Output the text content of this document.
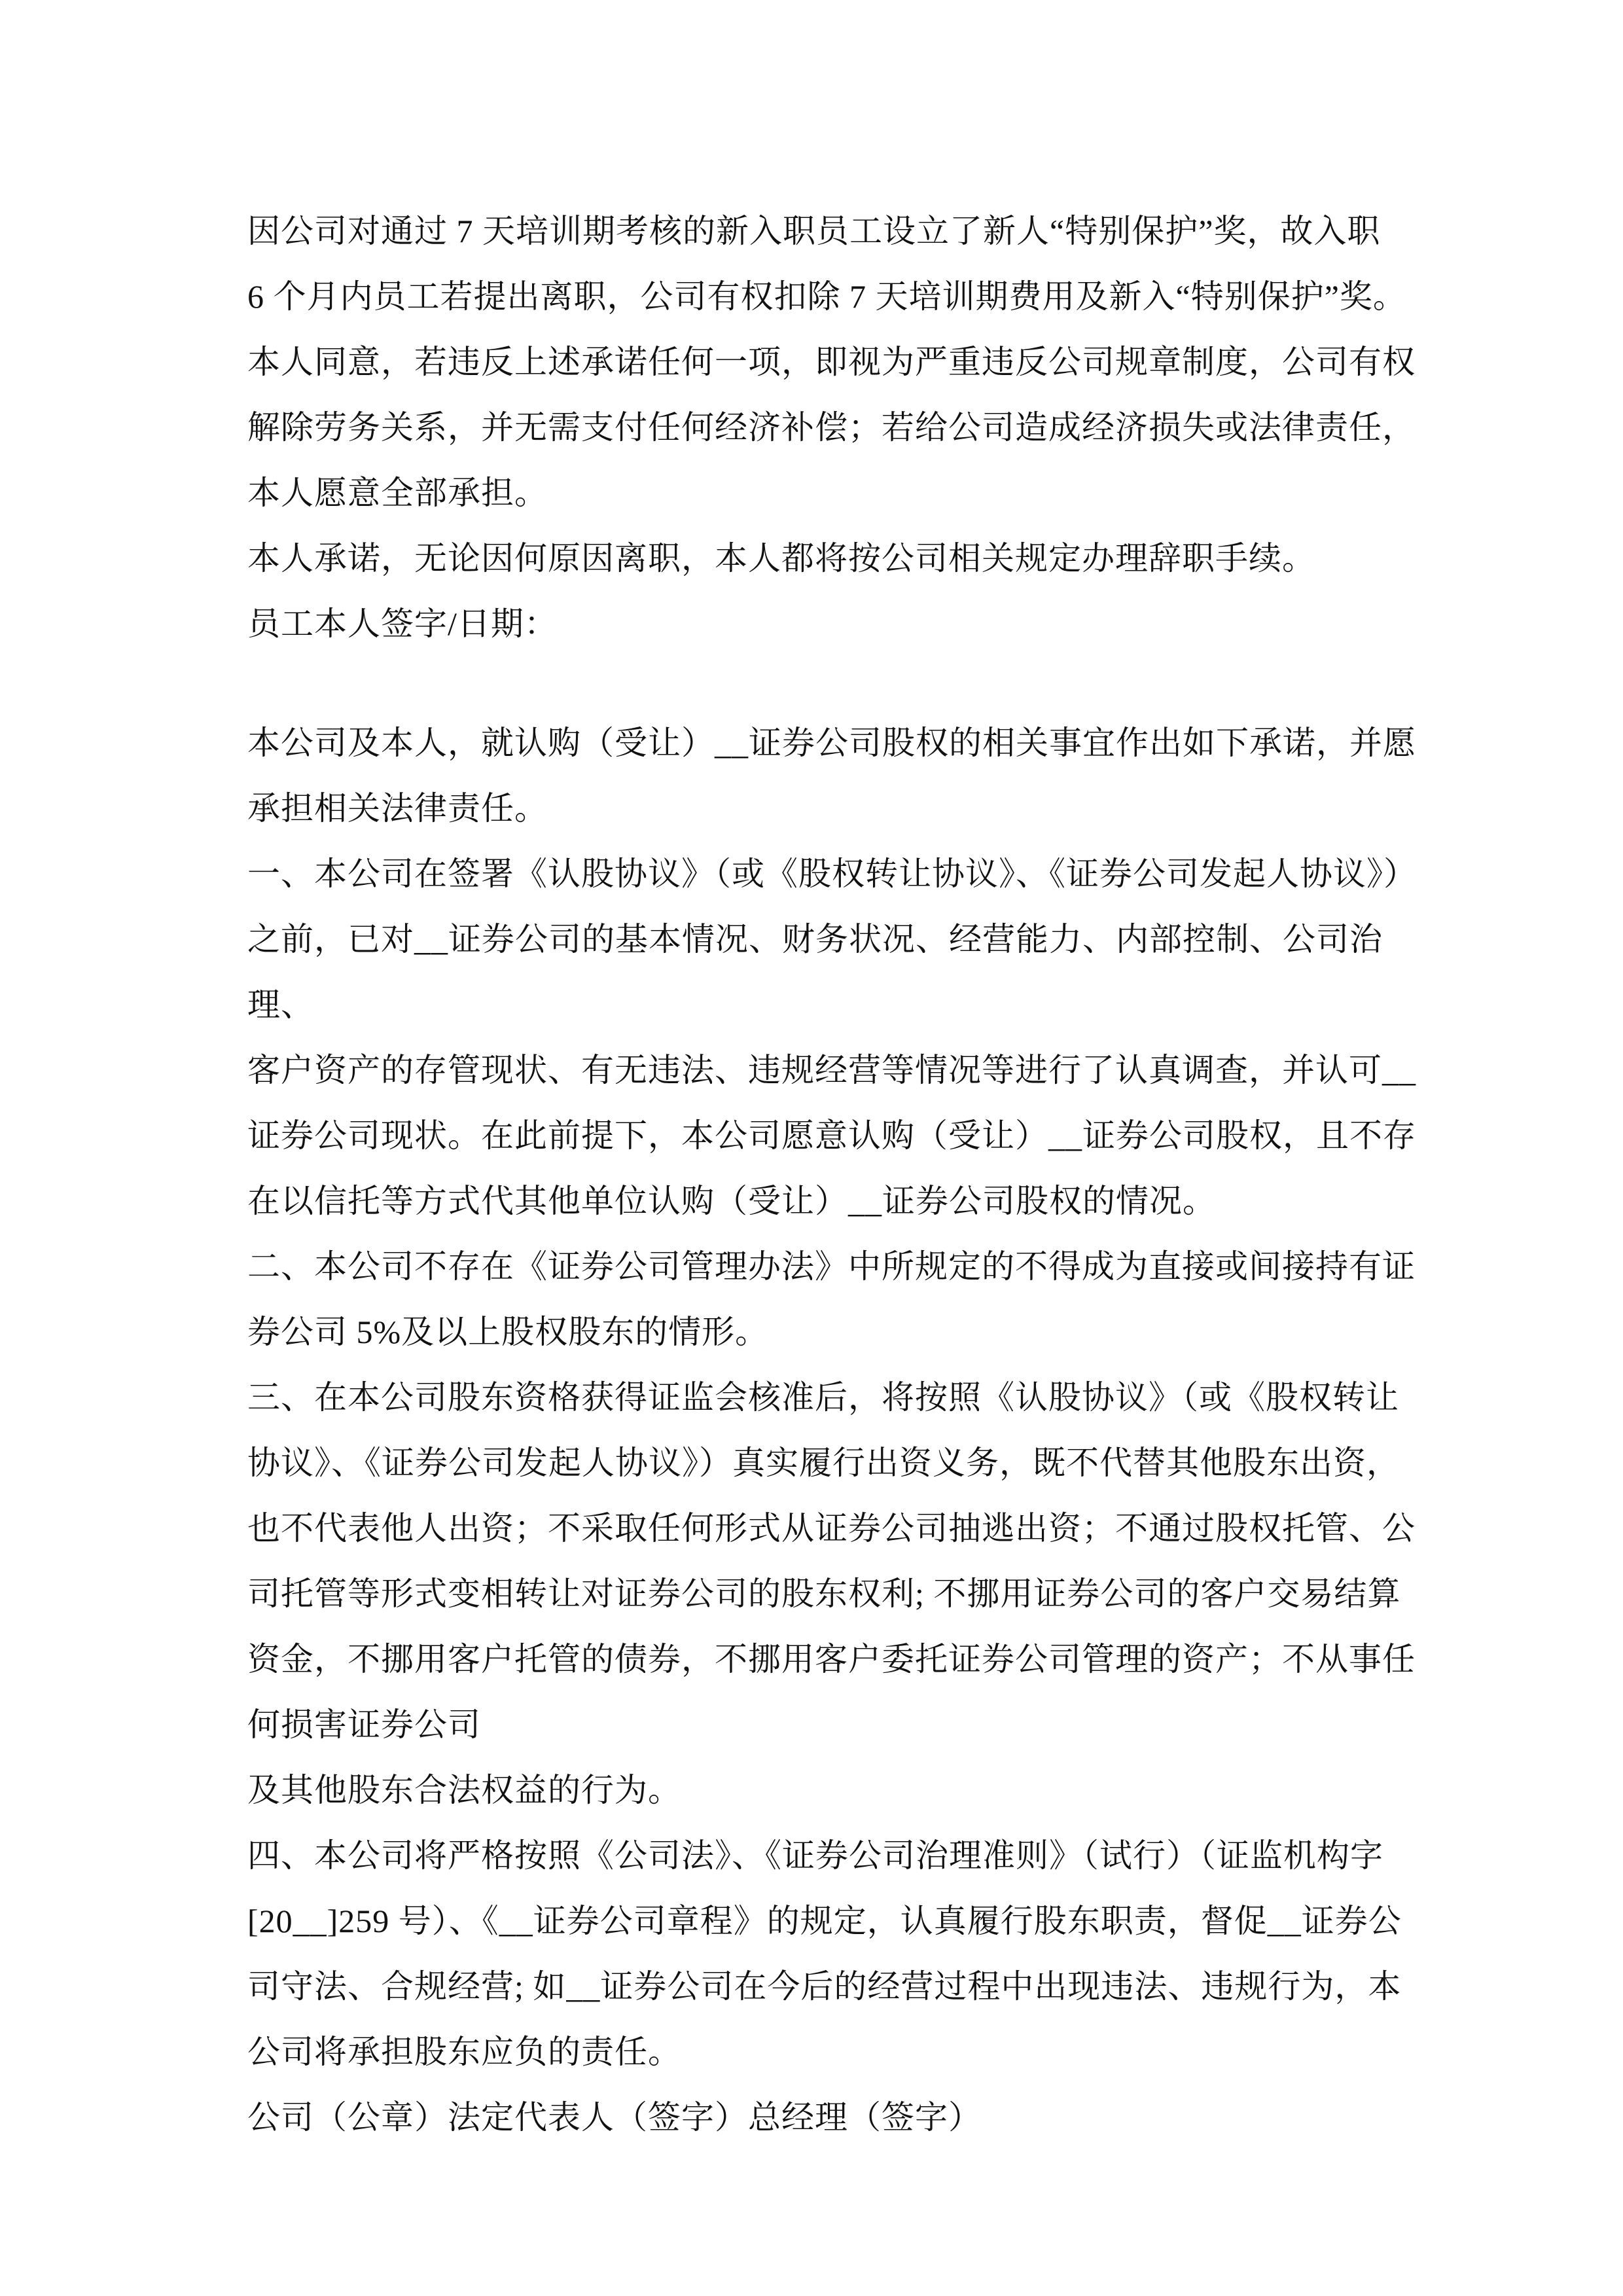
因公司对通过 7 天培训期考核的新入职员工设立了新人“特别保护”奖，故入职
6 个月内员工若提出离职，公司有权扣除 7 天培训期费用及新入“特别保护”奖。
本人同意，若违反上述承诺任何一项，即视为严重违反公司规章制度，公司有权
解除劳务关系，并无需支付任何经济补偿；若给公司造成经济损失或法律责任，
本人愿意全部承担。
本人承诺，无论因何原因离职，本人都将按公司相关规定办理辞职手续。
员工本人签字/日期：
本公司及本人，就认购（受让）__证券公司股权的相关事宜作出如下承诺，并愿
承担相关法律责任。
一、本公司在签署《认股协议》（或《股权转让协议》、《证券公司发起人协议》）
之前，已对__证券公司的基本情况、财务状况、经营能力、内部控制、公司治理、
客户资产的存管现状、有无违法、违规经营等情况等进行了认真调查，并认可__
证券公司现状。在此前提下，本公司愿意认购（受让）__证券公司股权，且不存
在以信托等方式代其他单位认购（受让）__证券公司股权的情况。
二、本公司不存在《证券公司管理办法》中所规定的不得成为直接或间接持有证
券公司 5%及以上股权股东的情形。
三、在本公司股东资格获得证监会核准后，将按照《认股协议》（或《股权转让
协议》、《证券公司发起人协议》）真实履行出资义务，既不代替其他股东出资，
也不代表他人出资；不采取任何形式从证券公司抽逃出资；不通过股权托管、公
司托管等形式变相转让对证券公司的股东权利; 不挪用证券公司的客户交易结算
资金，不挪用客户托管的债券，不挪用客户委托证券公司管理的资产；不从事任
何损害证券公司
及其他股东合法权益的行为。
四、本公司将严格按照《公司法》、《证券公司治理准则》（试行）（证监机构字
[20__]259 号）、《__证券公司章程》的规定，认真履行股东职责，督促__证券公
司守法、合规经营; 如__证券公司在今后的经营过程中出现违法、违规行为，本
公司将承担股东应负的责任。
公司（公章）法定代表人（签字）总经理（签字）
